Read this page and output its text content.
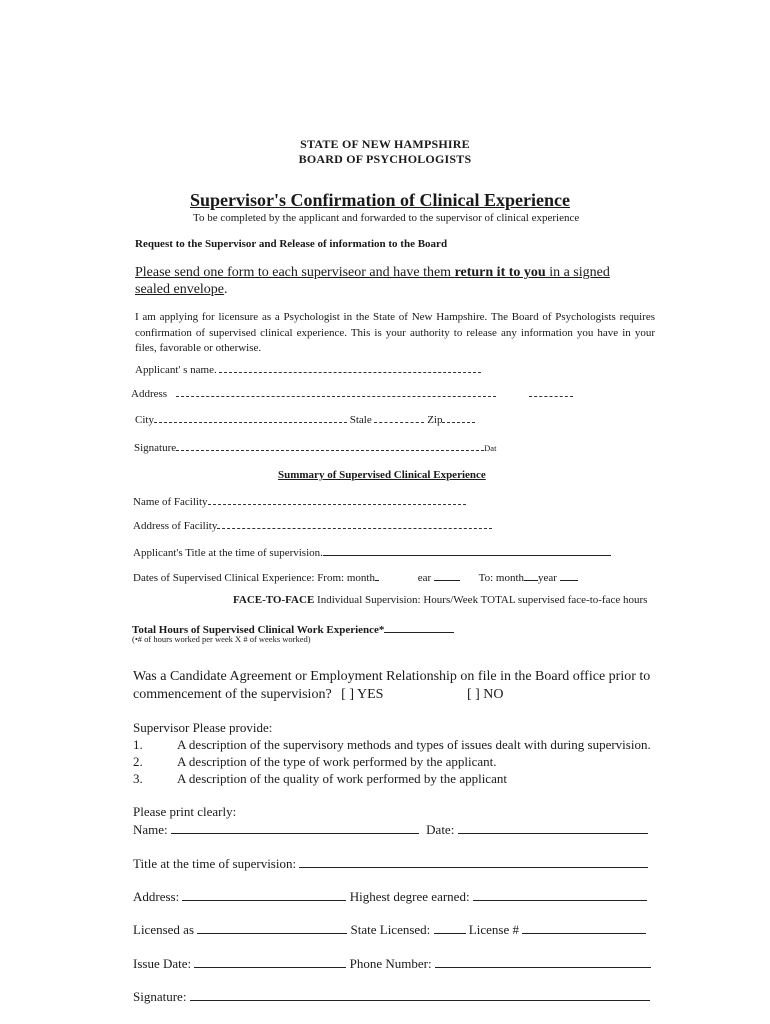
STATE OF NEW HAMPSHIRE
BOARD OF PSYCHOLOGISTS
Supervisor's Confirmation of Clinical Experience
To be completed by the applicant and forwarded to the supervisor of clinical experience
Request to the Supervisor and Release of information to the Board
Please send one form to each superviseor and have them return it to you in a signed
sealed envelope.
I am applying for licensure as a Psychologist in the State of New Hampshire. The Board of Psychologists requires confirmation of supervised clinical experience. This is your authority to release any information you have in your files, favorable or otherwise.
Applicant' s name.
Address
City	Stale	Zip
Signature	Dat
Summary of Supervised Clinical Experience
Name of Facility
Address of Facility
Applicant's Title at the time of supervision.
Dates of Supervised Clinical Experience: From: month	ear	To: month year
FACE-TO-FACE Individual Supervision: Hours/Week TOTAL supervised face-to-face hours
Total Hours of Supervised Clinical Work Experience*
(•# of hours worked per week X # of weeks worked)
Was a Candidate Agreement or Employment Relationship on file in the Board office prior to
commencement of the supervision? [ ] YES	[ ] NO
Supervisor Please provide:
1.	A description of the supervisory methods and types of issues dealt with during supervision.
2.	A description of the type of work performed by the applicant.
3.	A description of the quality of work performed by the applicant
Please print clearly:
Name:	Date:
Title at the time of supervision:
Address:	Highest degree earned:
Licensed as	State Licensed:	License #
Issue Date:	Phone Number:
Signature:
